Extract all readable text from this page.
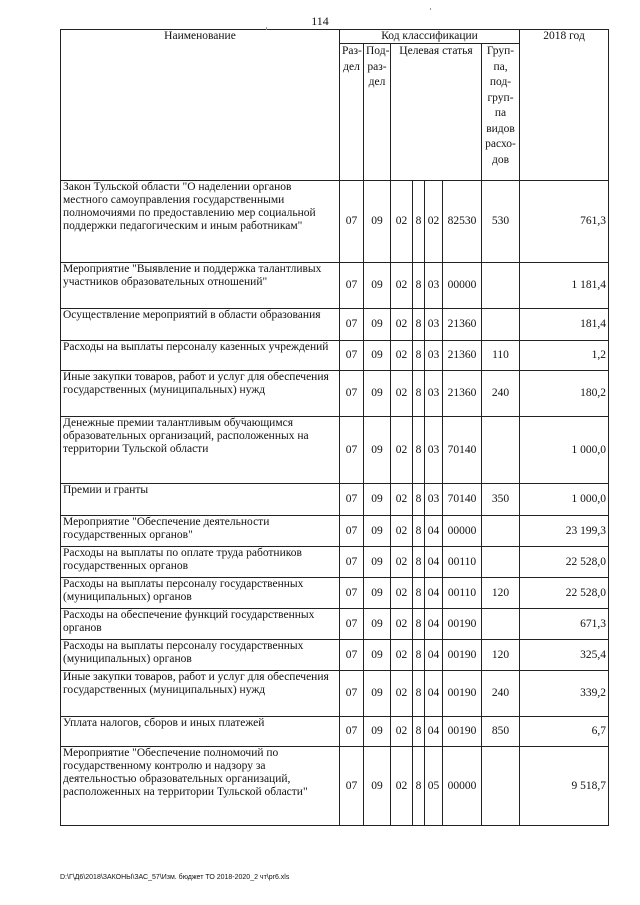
114
Наименование	Код классификации							2018 год
	Раз-дел	Под-раз-дел	Целевая статья				Груп-па, под-груп-па видов расхо-дов	
Закон Тульской области "О наделении органов местного самоуправления государственными полномочиями по предоставлению мер социальной поддержки педагогическим и иным работникам"	07	09	02	8	02	82530	530	761,3
Мероприятие "Выявление и поддержка талантливых участников образовательных отношений"	07	09	02	8	03	00000		1 181,4
Осуществление мероприятий в области образования	07	09	02	8	03	21360		181,4
Расходы на выплаты персоналу казенных учреждений	07	09	02	8	03	21360	110	1,2
Иные закупки товаров, работ и услуг для обеспечения государственных (муниципальных) нужд	07	09	02	8	03	21360	240	180,2
Денежные премии талантливым обучающимся образовательных организаций, расположенных на территории Тульской области	07	09	02	8	03	70140		1 000,0
Премии и гранты	07	09	02	8	03	70140	350	1 000,0
Мероприятие "Обеспечение деятельности государственных органов"	07	09	02	8	04	00000		23 199,3
Расходы на выплаты по оплате труда работников государственных органов	07	09	02	8	04	00110		22 528,0
Расходы на выплаты персоналу государственных (муниципальных) органов	07	09	02	8	04	00110	120	22 528,0
Расходы на обеспечение функций государственных органов	07	09	02	8	04	00190		671,3
Расходы на выплаты персоналу государственных (муниципальных) органов	07	09	02	8	04	00190	120	325,4
Иные закупки товаров, работ и услуг для обеспечения государственных (муниципальных) нужд	07	09	02	8	04	00190	240	339,2
Уплата налогов, сборов и иных платежей	07	09	02	8	04	00190	850	6,7
Мероприятие "Обеспечение полномочий по государственному контролю и надзору за деятельностью образовательных организаций, расположенных на территории Тульской области"	07	09	02	8	05	00000		9 518,7
D:\Г\Д6\2018\ЗАКОНЫ\ЗАС_57\Изм. бюджет ТО 2018-2020_2 чт\pr6.xls
